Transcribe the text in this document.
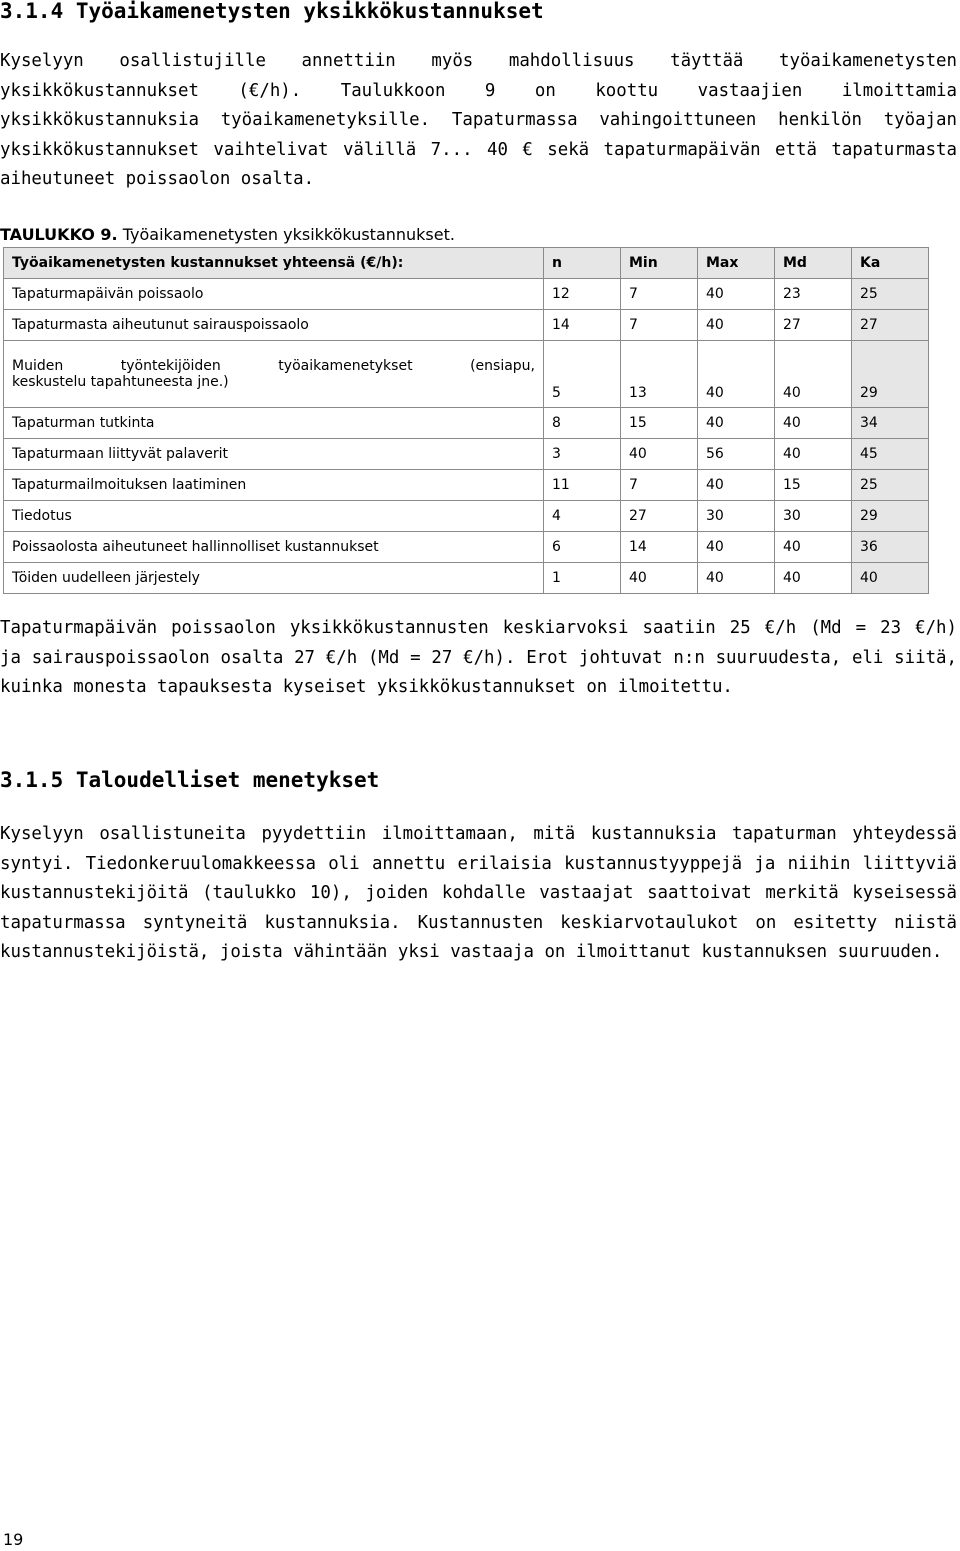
3.1.4 Työaikamenetysten yksikkökustannukset
Kyselyyn osallistujille annettiin myös mahdollisuus täyttää työaikamenetysten
yksikkökustannukset (€/h). Taulukkoon 9 on koottu vastaajien ilmoittamia
yksikkökustannuksia työaikamenetyksille. Tapaturmassa vahingoittuneen henkilön työajan
yksikkökustannukset vaihtelivat välillä 7... 40 € sekä tapaturmapäivän että tapaturmasta
aiheutuneet poissaolon osalta.
TAULUKKO 9. Työaikamenetysten yksikkökustannukset.
Työaikamenetysten kustannukset yhteensä (€/h):	n	Min	Max	Md	Ka
Tapaturmapäivän poissaolo	12	7	40	23	25
Tapaturmasta aiheutunut sairauspoissaolo	14	7	40	27	27

Muiden työntekijöiden työaikamenetykset (ensiapu,
keskustelu tapahtuneesta jne.)	5	13	40	40	29
Tapaturman tutkinta	8	15	40	40	34
Tapaturmaan liittyvät palaverit	3	40	56	40	45
Tapaturmailmoituksen laatiminen	11	7	40	15	25
Tiedotus	4	27	30	30	29
Poissaolosta aiheutuneet hallinnolliset kustannukset	6	14	40	40	36
Töiden uudelleen järjestely	1	40	40	40	40
Tapaturmapäivän poissaolon yksikkökustannusten keskiarvoksi saatiin 25 €/h (Md = 23 €/h)
ja sairauspoissaolon osalta 27 €/h (Md = 27 €/h). Erot johtuvat n:n suuruudesta, eli siitä,
kuinka monesta tapauksesta kyseiset yksikkökustannukset on ilmoitettu.
3.1.5 Taloudelliset menetykset
Kyselyyn osallistuneita pyydettiin ilmoittamaan, mitä kustannuksia tapaturman yhteydessä
syntyi. Tiedonkeruulomakkeessa oli annettu erilaisia kustannustyyppejä ja niihin liittyviä
kustannustekijöitä (taulukko 10), joiden kohdalle vastaajat saattoivat merkitä kyseisessä
tapaturmassa syntyneitä kustannuksia. Kustannusten keskiarvotaulukot on esitetty niistä
kustannustekijöistä, joista vähintään yksi vastaaja on ilmoittanut kustannuksen suuruuden.
19
